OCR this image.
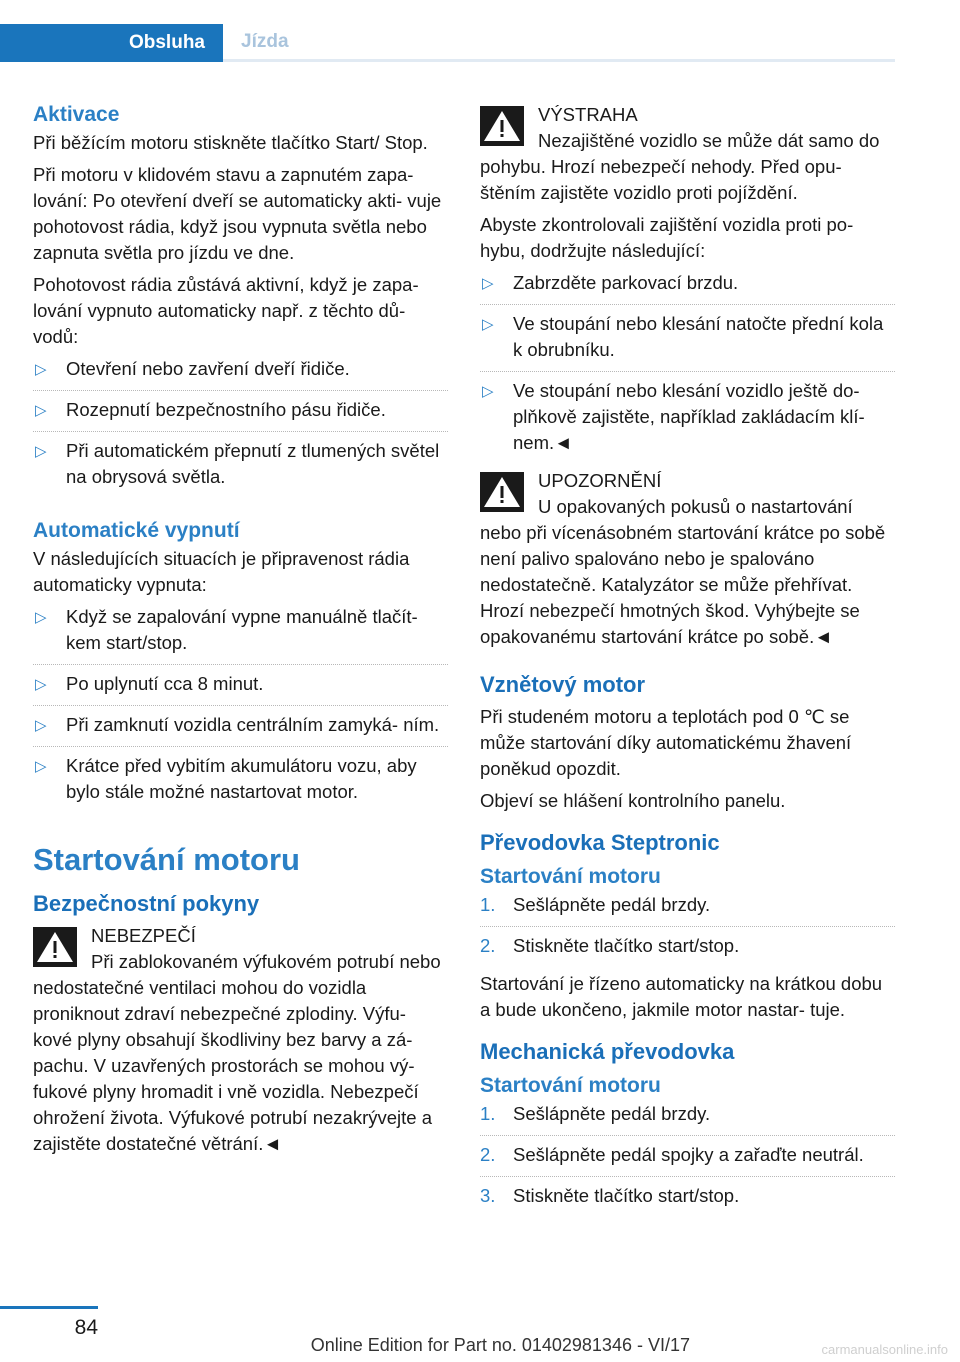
Obsluha	Jízda
Aktivace

Při běžícím motoru stiskněte tlačítko Start/ Stop.

Při motoru v klidovém stavu a zapnutém zapa‐ lování: Po otevření dveří se automaticky akti‐ vuje pohotovost rádia, když jsou vypnuta světla nebo zapnuta světla pro jízdu ve dne.

Pohotovost rádia zůstává aktivní, když je zapa‐ lování vypnuto automaticky např. z těchto dů‐ vodů:

▷ Otevření nebo zavření dveří řidiče.
▷ Rozepnutí bezpečnostního pásu řidiče.
▷ Při automatickém přepnutí z tlumených světel na obrysová světla.
Automatické vypnutí

V následujících situacích je připravenost rádia automaticky vypnuta:

▷ Když se zapalování vypne manuálně tlačít‐ kem start/stop.
▷ Po uplynutí cca 8 minut.
▷ Při zamknutí vozidla centrálním zamyká‐ ním.
▷ Krátce před vybitím akumulátoru vozu, aby bylo stále možné nastartovat motor.
Startování motoru
Bezpečnostní pokyny
NEBEZPEČÍ
Při zablokovaném výfukovém potrubí nebo nedostatečné ventilaci mohou do vozidla proniknout zdraví nebezpečné zplodiny. Výfu‐ kové plyny obsahují škodliviny bez barvy a zá‐ pachu. V uzavřených prostorách se mohou vý‐ fukové plyny hromadit i vně vozidla. Nebezpečí ohrožení života. Výfukové potrubí nezakrývejte a zajistěte dostatečné větrání.◄
VÝSTRAHA
Nezajištěné vozidlo se může dát samo do pohybu. Hrozí nebezpečí nehody. Před opu‐ štěním zajistěte vozidlo proti pojíždění.

Abyste zkontrolovali zajištění vozidla proti po‐ hybu, dodržujte následující:

▷ Zabrzděte parkovací brzdu.
▷ Ve stoupání nebo klesání natočte přední kola k obrubníku.
▷ Ve stoupání nebo klesání vozidlo ještě do‐ plňkově zajistěte, například zakládacím klí‐ nem.◄
UPOZORNĚNÍ
U opakovaných pokusů o nastartování nebo při vícenásobném startování krátce po sobě není palivo spalováno nebo je spalováno nedostatečně. Katalyzátor se může přehřívat. Hrozí nebezpečí hmotných škod. Vyhýbejte se opakovanému startování krátce po sobě.◄
Vznětový motor

Při studeném motoru a teplotách pod 0 ℃ se může startování díky automatickému žhavení poněkud opozdit.

Objeví se hlášení kontrolního panelu.

Převodovka Steptronic
Startování motoru
1. Sešlápněte pedál brzdy.
2. Stiskněte tlačítko start/stop.

Startování je řízeno automaticky na krátkou dobu a bude ukončeno, jakmile motor nastar‐ tuje.

Mechanická převodovka
Startování motoru
1. Sešlápněte pedál brzdy.
2. Sešlápněte pedál spojky a zařaďte neutrál.
3. Stiskněte tlačítko start/stop.
84
Online Edition for Part no. 01402981346 - VI/17	carmanualsonline.info
